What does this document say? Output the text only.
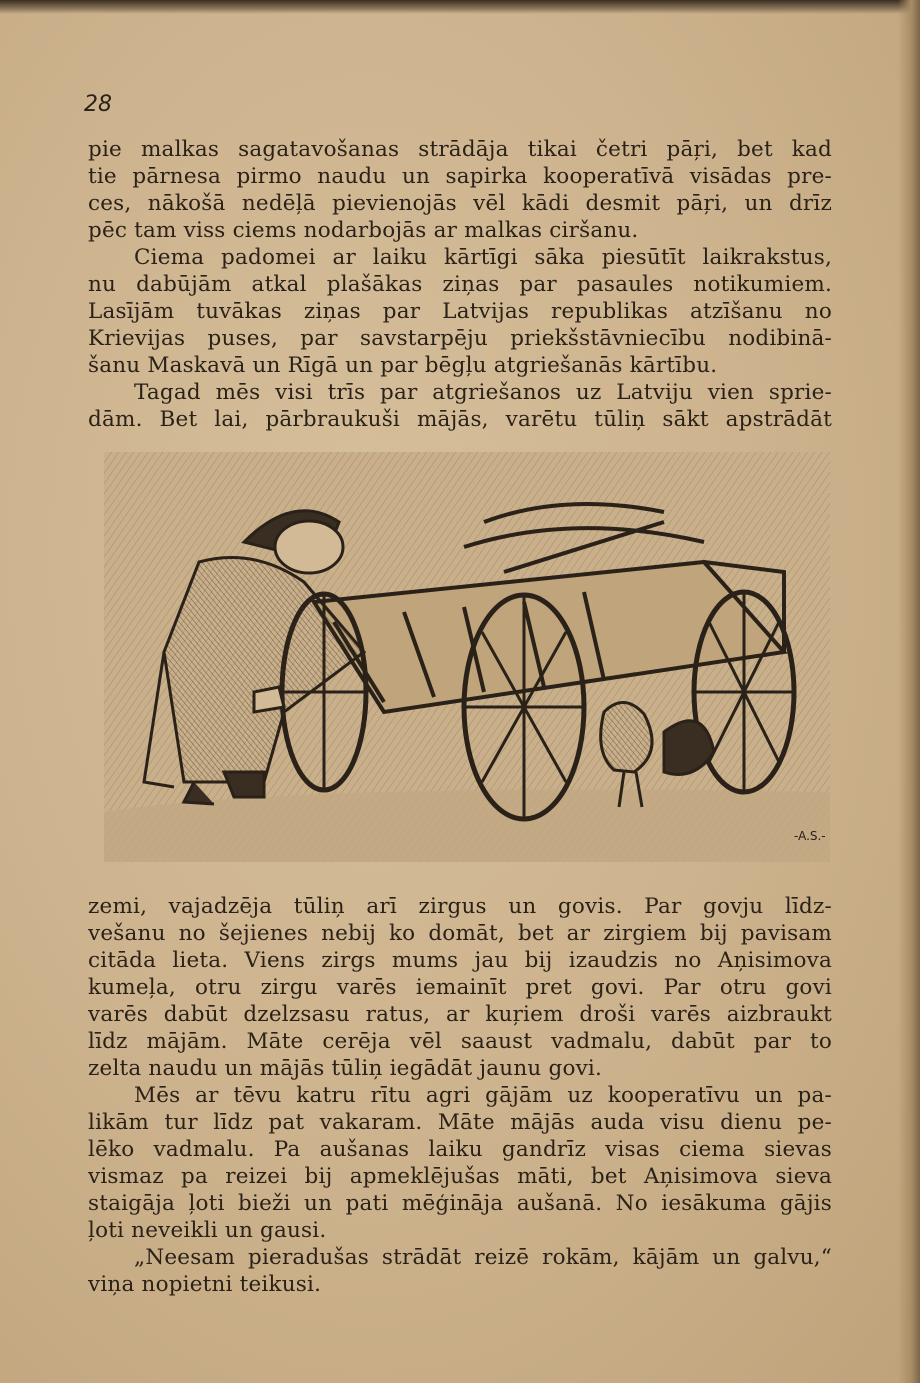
28
pie malkas sagatavošanas strādāja tikai četri pāŗi, bet kad
tie pārnesa pirmo naudu un sapirka kooperatīvā visādas pre-
ces, nākošā nedēļā pievienojās vēl kādi desmit pāŗi, un drīz
pēc tam viss ciems nodarbojās ar malkas ciršanu.
Ciema padomei ar laiku kārtīgi sāka piesūtīt laikrakstus,
nu dabūjām atkal plašākas ziņas par pasaules notikumiem.
Lasījām tuvākas ziņas par Latvijas republikas atzīšanu no
Krievijas puses, par savstarpēju priekšstāvniecību nodibinā-
šanu Maskavā un Rīgā un par bēgļu atgriešanās kārtību.
Tagad mēs visi trīs par atgriešanos uz Latviju vien sprie-
dām. Bet lai, pārbraukuši mājās, varētu tūliņ sākt apstrādāt
-A.S.-
zemi, vajadzēja tūliņ arī zirgus un govis. Par govju līdz-
vešanu no šejienes nebij ko domāt, bet ar zirgiem bij pavisam
citāda lieta. Viens zirgs mums jau bij izaudzis no Aņisimova
kumeļa, otru zirgu varēs iemainīt pret govi. Par otru govi
varēs dabūt dzelzsasu ratus, ar kuŗiem droši varēs aizbraukt
līdz mājām. Māte cerēja vēl saaust vadmalu, dabūt par to
zelta naudu un mājās tūliņ iegādāt jaunu govi.
Mēs ar tēvu katru rītu agri gājām uz kooperatīvu un pa-
likām tur līdz pat vakaram. Māte mājās auda visu dienu pe-
lēko vadmalu. Pa aušanas laiku gandrīz visas ciema sievas
vismaz pa reizei bij apmeklējušas māti, bet Aņisimova sieva
staigāja ļoti bieži un pati mēģināja aušanā. No iesākuma gājis
ļoti neveikli un gausi.
„Neesam pieradušas strādāt reizē rokām, kājām un galvu,“
viņa nopietni teikusi.
